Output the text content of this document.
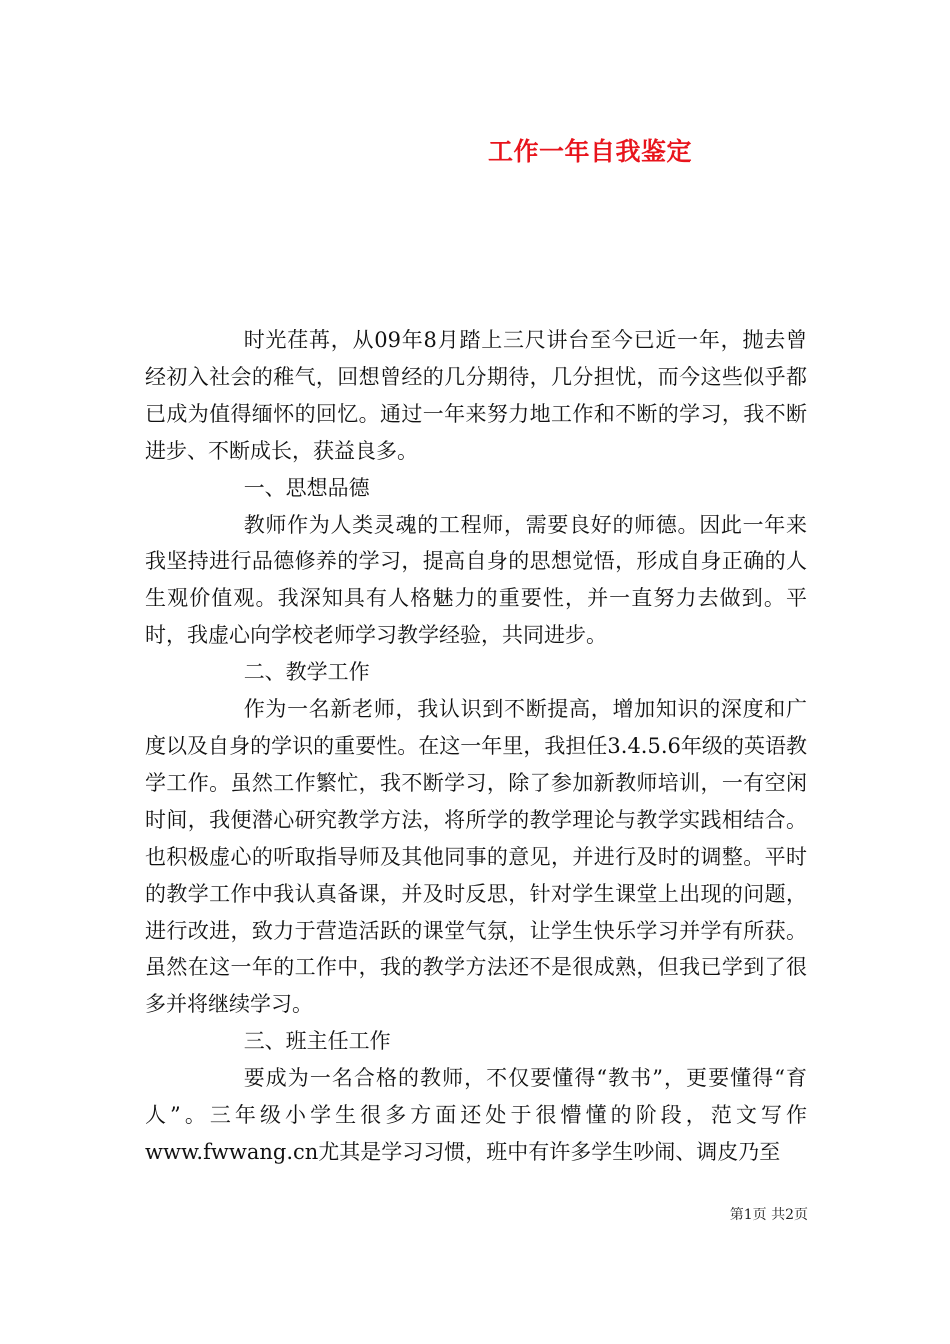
工作一年自我鉴定

时光荏苒，从09年8月踏上三尺讲台至今已近一年，抛去曾经初入社会的稚气，回想曾经的几分期待，几分担忧，而今这些似乎都已成为值得缅怀的回忆。通过一年来努力地工作和不断的学习，我不断进步、不断成长，获益良多。

一、思想品德

教师作为人类灵魂的工程师，需要良好的师德。因此一年来我坚持进行品德修养的学习，提高自身的思想觉悟，形成自身正确的人生观价值观。我深知具有人格魅力的重要性，并一直努力去做到。平时，我虚心向学校老师学习教学经验，共同进步。

二、教学工作

作为一名新老师，我认识到不断提高，增加知识的深度和广度以及自身的学识的重要性。在这一年里，我担任3.4.5.6年级的英语教学工作。虽然工作繁忙，我不断学习，除了参加新教师培训，一有空闲时间，我便潜心研究教学方法，将所学的教学理论与教学实践相结合。也积极虚心的听取指导师及其他同事的意见，并进行及时的调整。平时的教学工作中我认真备课，并及时反思，针对学生课堂上出现的问题，进行改进，致力于营造活跃的课堂气氛，让学生快乐学习并学有所获。虽然在这一年的工作中，我的教学方法还不是很成熟，但我已学到了很多并将继续学习。

三、班主任工作

要成为一名合格的教师，不仅要懂得“教书”，更要懂得“育人”。三年级小学生很多方面还处于很懵懂的阶段，范文写作www.fwwang.cn尤其是学习习惯，班中有许多学生吵闹、调皮乃至

第1页 共2页
